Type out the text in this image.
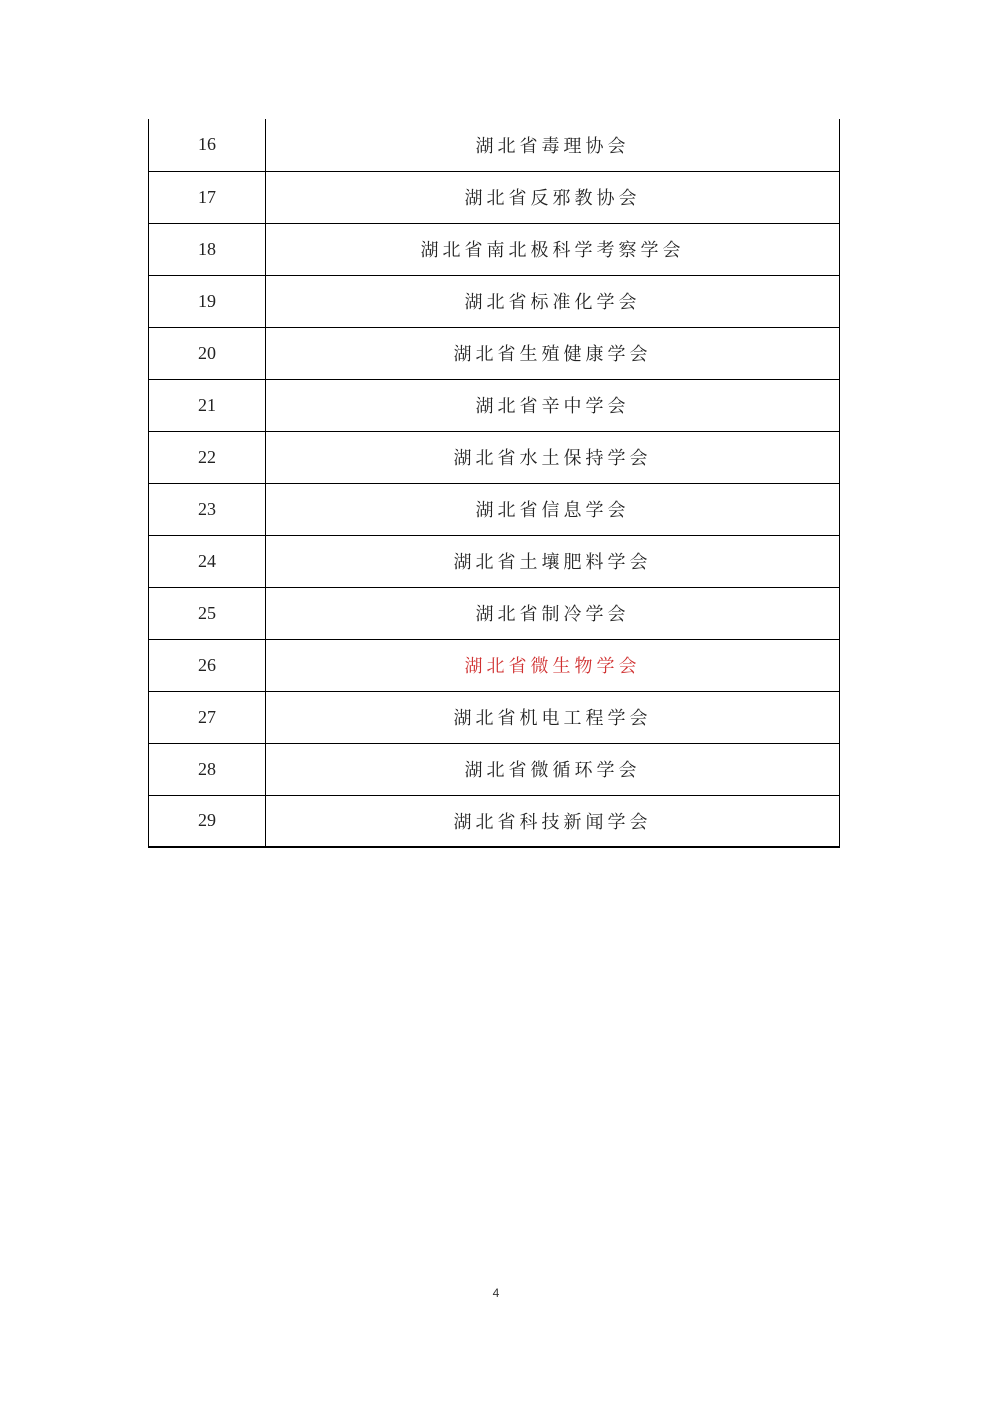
16	湖北省毒理协会
17	湖北省反邪教协会
18	湖北省南北极科学考察学会
19	湖北省标准化学会
20	湖北省生殖健康学会
21	湖北省辛中学会
22	湖北省水土保持学会
23	湖北省信息学会
24	湖北省土壤肥料学会
25	湖北省制冷学会
26	湖北省微生物学会
27	湖北省机电工程学会
28	湖北省微循环学会
29	湖北省科技新闻学会
4
